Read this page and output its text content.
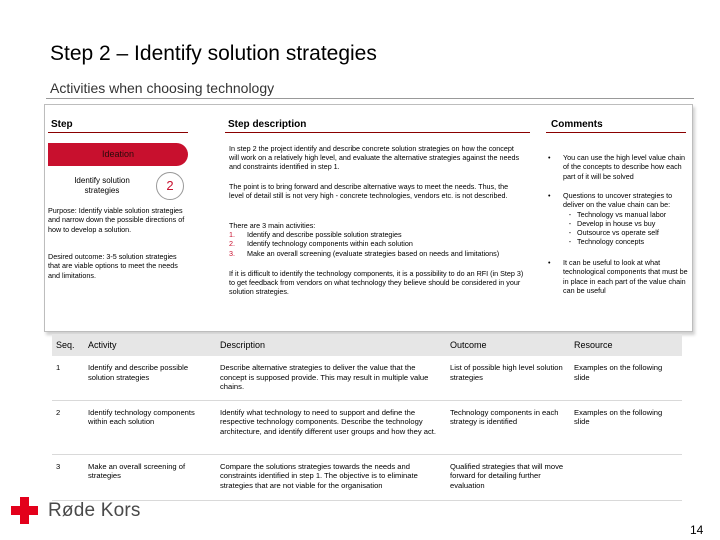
Step 2 – Identify solution strategies
Activities when choosing technology
Step	Step description	Comments
Ideation
Identify solution strategies	2
Purpose: Identify viable solution strategies and narrow down the possible directions of how to develop a solution.
Desired outcome: 3-5 solution strategies that are viable options to meet the needs and limitations.
In step 2 the project identify and describe concrete solution strategies on how the concept will work on a relatively high level, and evaluate the alternative strategies against the needs and constraints identified in step 1.
The point is to bring forward and describe alternative ways to meet the needs. Thus, the level of detail still is not very high - concrete technologies, vendors etc. is not described.
There are 3 main activities:
1.	Identify and describe possible solution strategies
2.	Identify technology components within each solution
3.	Make an overall screening (evaluate strategies based on needs and limitations)
If it is difficult to identify the technology components, it is a possibility to do an RFI (in Step 3) to get feedback from vendors on what technology they believe should be considered in your solution strategies.
•	You can use the high level value chain of the concepts to describe how each part of it will be solved
•	Questions to uncover strategies to deliver on the value chain can be:
- Technology vs manual labor
- Develop in house vs buy
- Outsource vs operate self
- Technology concepts
•	It can be useful to look at what technological components that must be in place in each part of the value chain can be useful
Seq.	Activity	Description	Outcome	Resource
1	Identify and describe possible solution strategies	Describe alternative strategies to deliver the value that the concept is supposed provide. This may result in multiple value chains.	List of possible high level solution strategies	Examples on the following slide
2	Identify technology components within each solution	Identify what technology to need to support and define the respective technology components. Describe the technology architecture, and identify different user groups and how they act.	Technology components in each strategy is identified	Examples on the following slide
3	Make an overall screening of strategies	Compare the solutions strategies towards the needs and constraints identified in step 1. The objective is to eliminate strategies that are not viable for the organisation	Qualified strategies that will move forward for detailing further evaluation	
Røde Kors
14
